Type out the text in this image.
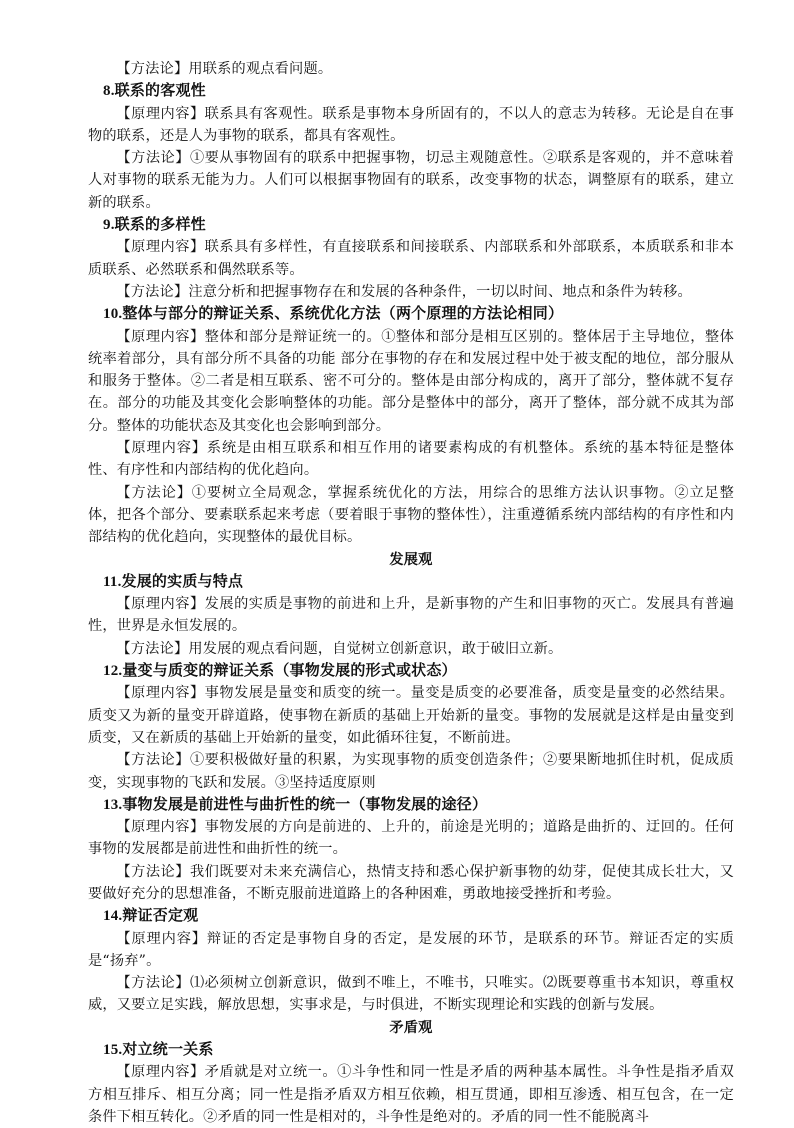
【方法论】用联系的观点看问题。

8.联系的客观性

【原理内容】联系具有客观性。联系是事物本身所固有的，不以人的意志为转移。无论是自在事物的联系，还是人为事物的联系，都具有客观性。

【方法论】①要从事物固有的联系中把握事物，切忌主观随意性。②联系是客观的，并不意味着人对事物的联系无能为力。人们可以根据事物固有的联系，改变事物的状态，调整原有的联系，建立新的联系。

9.联系的多样性

【原理内容】联系具有多样性，有直接联系和间接联系、内部联系和外部联系，本质联系和非本质联系、必然联系和偶然联系等。

【方法论】注意分析和把握事物存在和发展的各种条件，一切以时间、地点和条件为转移。

10.整体与部分的辩证关系、系统优化方法（两个原理的方法论相同）

【原理内容】整体和部分是辩证统一的。①整体和部分是相互区别的。整体居于主导地位，整体统率着部分，具有部分所不具备的功能 部分在事物的存在和发展过程中处于被支配的地位，部分服从和服务于整体。②二者是相互联系、密不可分的。整体是由部分构成的，离开了部分，整体就不复存在。部分的功能及其变化会影响整体的功能。部分是整体中的部分，离开了整体，部分就不成其为部分。整体的功能状态及其变化也会影响到部分。

【原理内容】系统是由相互联系和相互作用的诸要素构成的有机整体。系统的基本特征是整体性、有序性和内部结构的优化趋向。

【方法论】①要树立全局观念，掌握系统优化的方法，用综合的思维方法认识事物。②立足整体，把各个部分、要素联系起来考虑（要着眼于事物的整体性），注重遵循系统内部结构的有序性和内部结构的优化趋向，实现整体的最优目标。

发展观

11.发展的实质与特点

【原理内容】发展的实质是事物的前进和上升，是新事物的产生和旧事物的灭亡。发展具有普遍性，世界是永恒发展的。

【方法论】用发展的观点看问题，自觉树立创新意识，敢于破旧立新。

12.量变与质变的辩证关系（事物发展的形式或状态）

【原理内容】事物发展是量变和质变的统一。量变是质变的必要准备，质变是量变的必然结果。质变又为新的量变开辟道路，使事物在新质的基础上开始新的量变。事物的发展就是这样是由量变到质变，又在新质的基础上开始新的量变，如此循环往复，不断前进。

【方法论】①要积极做好量的积累，为实现事物的质变创造条件；②要果断地抓住时机，促成质变，实现事物的飞跃和发展。③坚持适度原则

13.事物发展是前进性与曲折性的统一（事物发展的途径）

【原理内容】事物发展的方向是前进的、上升的，前途是光明的；道路是曲折的、迂回的。任何事物的发展都是前进性和曲折性的统一。

【方法论】我们既要对未来充满信心，热情支持和悉心保护新事物的幼芽，促使其成长壮大，又要做好充分的思想准备，不断克服前进道路上的各种困难，勇敢地接受挫折和考验。

14.辩证否定观

【原理内容】辩证的否定是事物自身的否定，是发展的环节，是联系的环节。辩证否定的实质是“扬弃”。

【方法论】⑴必须树立创新意识，做到不唯上，不唯书，只唯实。⑵既要尊重书本知识，尊重权威，又要立足实践，解放思想，实事求是，与时俱进，不断实现理论和实践的创新与发展。

矛盾观

15.对立统一关系

【原理内容】矛盾就是对立统一。①斗争性和同一性是矛盾的两种基本属性。斗争性是指矛盾双方相互排斥、相互分离；同一性是指矛盾双方相互依赖，相互贯通，即相互渗透、相互包含，在一定条件下相互转化。②矛盾的同一性是相对的，斗争性是绝对的。矛盾的同一性不能脱离斗
